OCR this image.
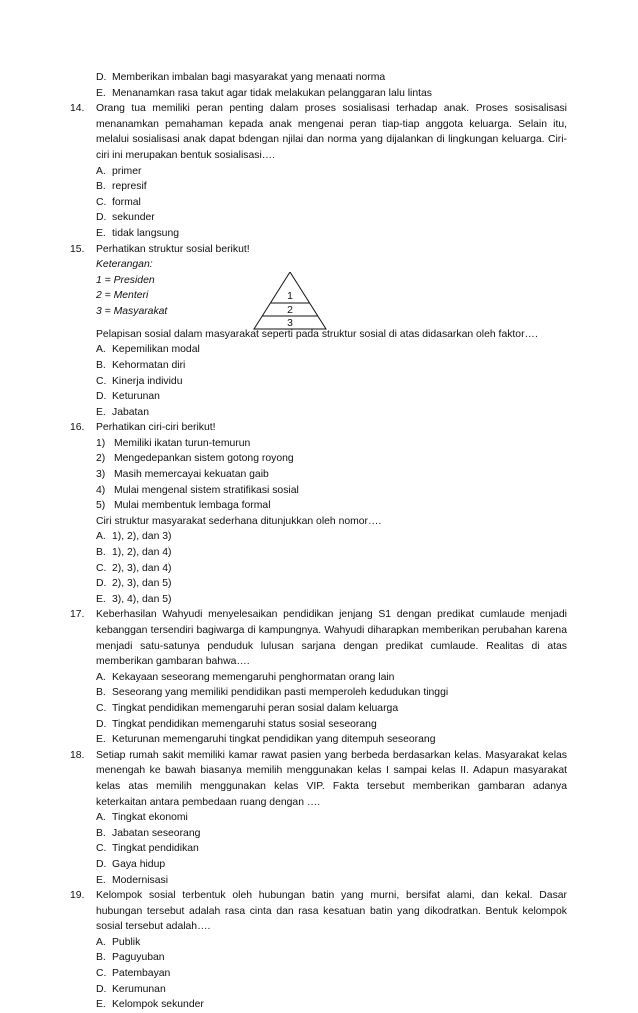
D. Memberikan imbalan bagi masyarakat yang menaati norma
E. Menanamkan rasa takut agar tidak melakukan pelanggaran lalu lintas
14.	Orang tua memiliki peran penting dalam proses sosialisasi terhadap anak. Proses sosisalisasi menanamkan pemahaman kepada anak mengenai peran tiap-tiap anggota keluarga. Selain itu, melalui sosialisasi anak dapat bdengan njilai dan norma yang dijalankan di lingkungan keluarga. Ciri-ciri ini merupakan bentuk sosialisasi….
A. primer
B. represif
C. formal
D. sekunder
E. tidak langsung
15.	Perhatikan struktur sosial berikut!
Keterangan:
1 = Presiden
2 = Menteri
3 = Masyarakat
1
2
3
Pelapisan sosial dalam masyarakat seperti pada struktur sosial di atas didasarkan oleh faktor….
A. Kepemilikan modal
B. Kehormatan diri
C. Kinerja individu
D. Keturunan
E. Jabatan
16.	Perhatikan ciri-ciri berikut!
1) Memiliki ikatan turun-temurun
2) Mengedepankan sistem gotong royong
3) Masih memercayai kekuatan gaib
4) Mulai mengenal sistem stratifikasi sosial
5) Mulai membentuk lembaga formal
Ciri struktur masyarakat sederhana ditunjukkan oleh nomor….
A. 1), 2), dan 3)
B. 1), 2), dan 4)
C. 2), 3), dan 4)
D. 2), 3), dan 5)
E. 3), 4), dan 5)
17.	Keberhasilan Wahyudi menyelesaikan pendidikan jenjang S1 dengan predikat cumlaude menjadi kebanggan tersendiri bagiwarga di kampungnya. Wahyudi diharapkan memberikan perubahan karena menjadi satu-satunya penduduk lulusan sarjana dengan predikat cumlaude. Realitas di atas memberikan gambaran bahwa….
A. Kekayaan seseorang memengaruhi penghormatan orang lain
B. Seseorang yang memiliki pendidikan pasti memperoleh kedudukan tinggi
C. Tingkat pendidikan memengaruhi peran sosial dalam keluarga
D. Tingkat pendidikan memengaruhi status sosial seseorang
E. Keturunan memengaruhi tingkat pendidikan yang ditempuh seseorang
18.	Setiap rumah sakit memiliki kamar rawat pasien yang berbeda berdasarkan kelas. Masyarakat kelas menengah ke bawah biasanya memilih menggunakan kelas I sampai kelas II. Adapun masyarakat kelas atas memilih menggunakan kelas VIP. Fakta tersebut memberikan gambaran adanya keterkaitan antara pembedaan ruang dengan ….
A. Tingkat ekonomi
B. Jabatan seseorang
C. Tingkat pendidikan
D. Gaya hidup
E. Modernisasi
19.	Kelompok sosial terbentuk oleh hubungan batin yang murni, bersifat alami, dan kekal. Dasar hubungan tersebut adalah rasa cinta dan rasa kesatuan batin yang dikodratkan. Bentuk kelompok sosial tersebut adalah….
A. Publik
B. Paguyuban
C. Patembayan
D. Kerumunan
E. Kelompok sekunder
